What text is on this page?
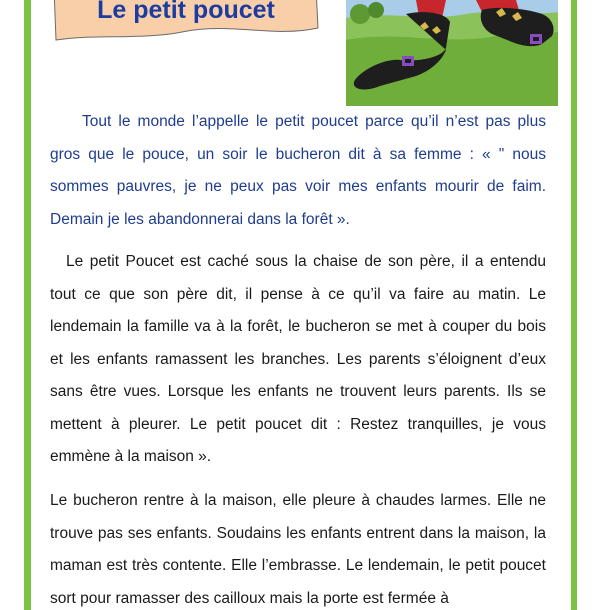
Le petit poucet

Tout le monde l’appelle le petit poucet parce qu’il n’est pas plus gros que le pouce, un soir le bucheron dit à sa femme : « " nous sommes pauvres, je ne peux pas voir mes enfants mourir de faim. Demain je les abandonnerai dans la forêt ».

Le petit Poucet est caché sous la chaise de son père, il a entendu tout ce que son père dit, il pense à ce qu’il va faire au matin. Le lendemain la famille va à la forêt, le bucheron se met à couper du bois et les enfants ramassent les branches. Les parents s’éloignent d’eux sans être vues. Lorsque les enfants ne trouvent leurs parents. Ils se mettent à pleurer. Le petit poucet dit : Restez tranquilles, je vous emmène à la maison ».

Le bucheron rentre à la maison, elle pleure à chaudes larmes. Elle ne trouve pas ses enfants. Soudains les enfants entrent dans la maison, la maman est très contente. Elle l’embrasse. Le lendemain, le petit poucet sort pour ramasser des cailloux mais la porte est fermée à
